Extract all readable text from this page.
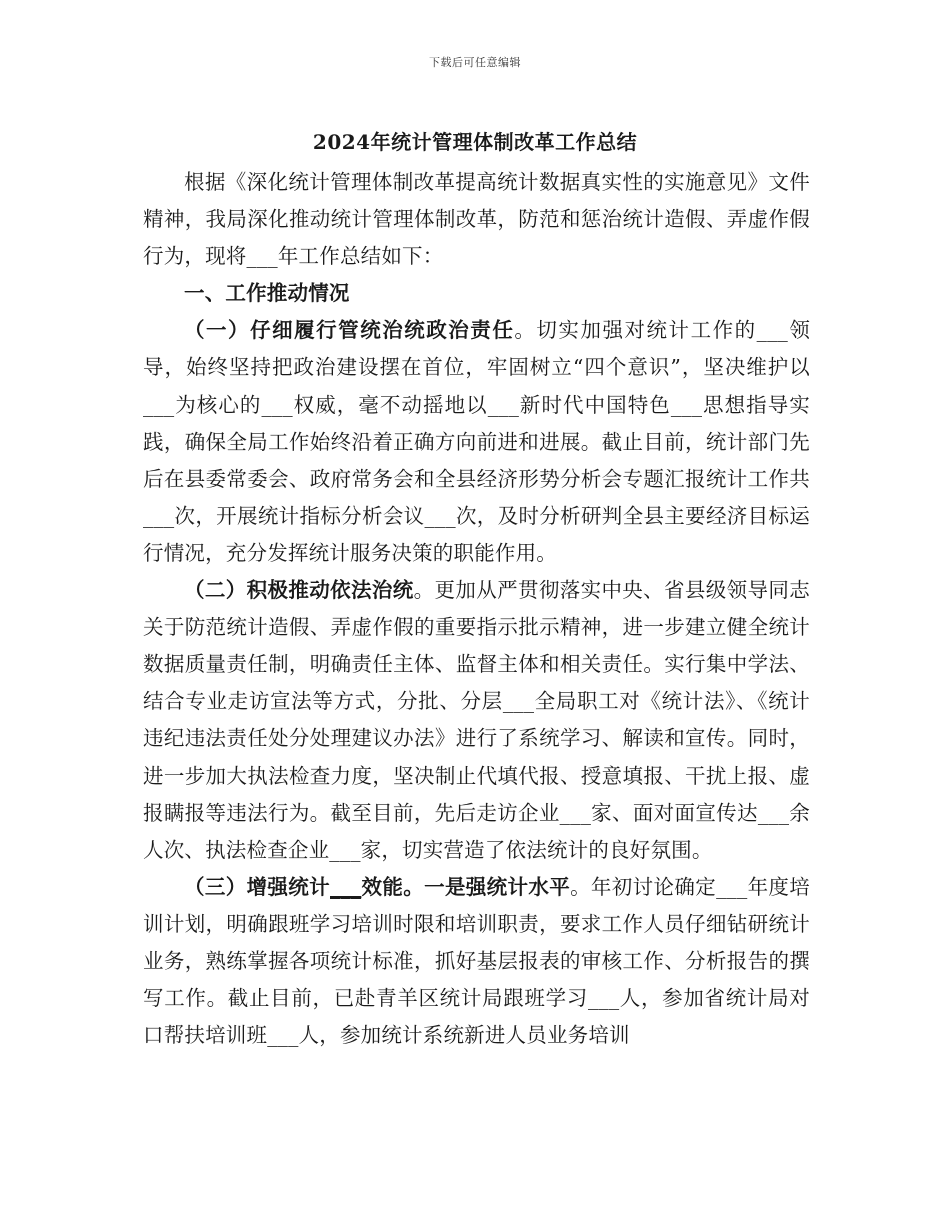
下载后可任意编辑
2024年统计管理体制改革工作总结

根据《深化统计管理体制改革提高统计数据真实性的实施意见》文件精神，我局深化推动统计管理体制改革，防范和惩治统计造假、弄虚作假行为，现将___年工作总结如下：

一、工作推动情况

（一）仔细履行管统治统政治责任。切实加强对统计工作的___领导，始终坚持把政治建设摆在首位，牢固树立“四个意识”，坚决维护以___为核心的___权威，毫不动摇地以___新时代中国特色___思想指导实践，确保全局工作始终沿着正确方向前进和进展。截止目前，统计部门先后在县委常委会、政府常务会和全县经济形势分析会专题汇报统计工作共___次，开展统计指标分析会议___次，及时分析研判全县主要经济目标运行情况，充分发挥统计服务决策的职能作用。

（二）积极推动依法治统。更加从严贯彻落实中央、省县级领导同志关于防范统计造假、弄虚作假的重要指示批示精神，进一步建立健全统计数据质量责任制，明确责任主体、监督主体和相关责任。实行集中学法、结合专业走访宣法等方式，分批、分层___全局职工对《统计法》、《统计违纪违法责任处分处理建议办法》进行了系统学习、解读和宣传。同时，进一步加大执法检查力度，坚决制止代填代报、授意填报、干扰上报、虚报瞒报等违法行为。截至目前，先后走访企业___家、面对面宣传达___余人次、执法检查企业___家，切实营造了依法统计的良好氛围。

（三）增强统计___效能。一是强统计水平。年初讨论确定___年度培训计划，明确跟班学习培训时限和培训职责，要求工作人员仔细钻研统计业务，熟练掌握各项统计标准，抓好基层报表的审核工作、分析报告的撰写工作。截止目前，已赴青羊区统计局跟班学习___人，参加省统计局对口帮扶培训班___人，参加统计系统新进人员业务培训
